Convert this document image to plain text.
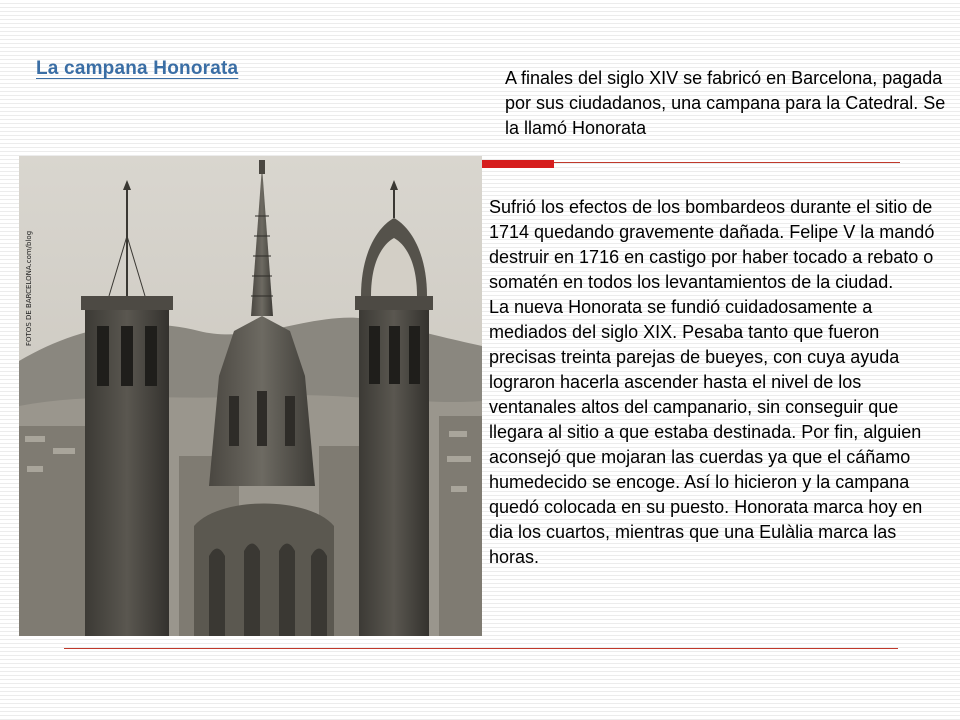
La campana Honorata	A finales del siglo XIV se fabricó en Barcelona, pagada por sus ciudadanos, una campana para la Catedral. Se la llamó Honorata
FOTOS DE BARCELONA.com/blog

Sufrió los efectos de los bombardeos durante el sitio de 1714 quedando gravemente dañada. Felipe V la mandó destruir en 1716 en castigo por haber tocado a rebato o somatén en todos los levantamientos de la ciudad.

La nueva Honorata se fundió cuidadosamente a mediados del siglo XIX. Pesaba tanto que fueron precisas treinta parejas de bueyes, con cuya ayuda lograron hacerla ascender hasta el nivel de los ventanales altos del campanario, sin conseguir que llegara al sitio a que estaba destinada. Por fin, alguien aconsejó que mojaran las cuerdas ya que el cáñamo humedecido se encoge. Así lo hicieron y la campana quedó colocada en su puesto. Honorata marca hoy en dia los cuartos, mientras que una Eulàlia marca las horas.
